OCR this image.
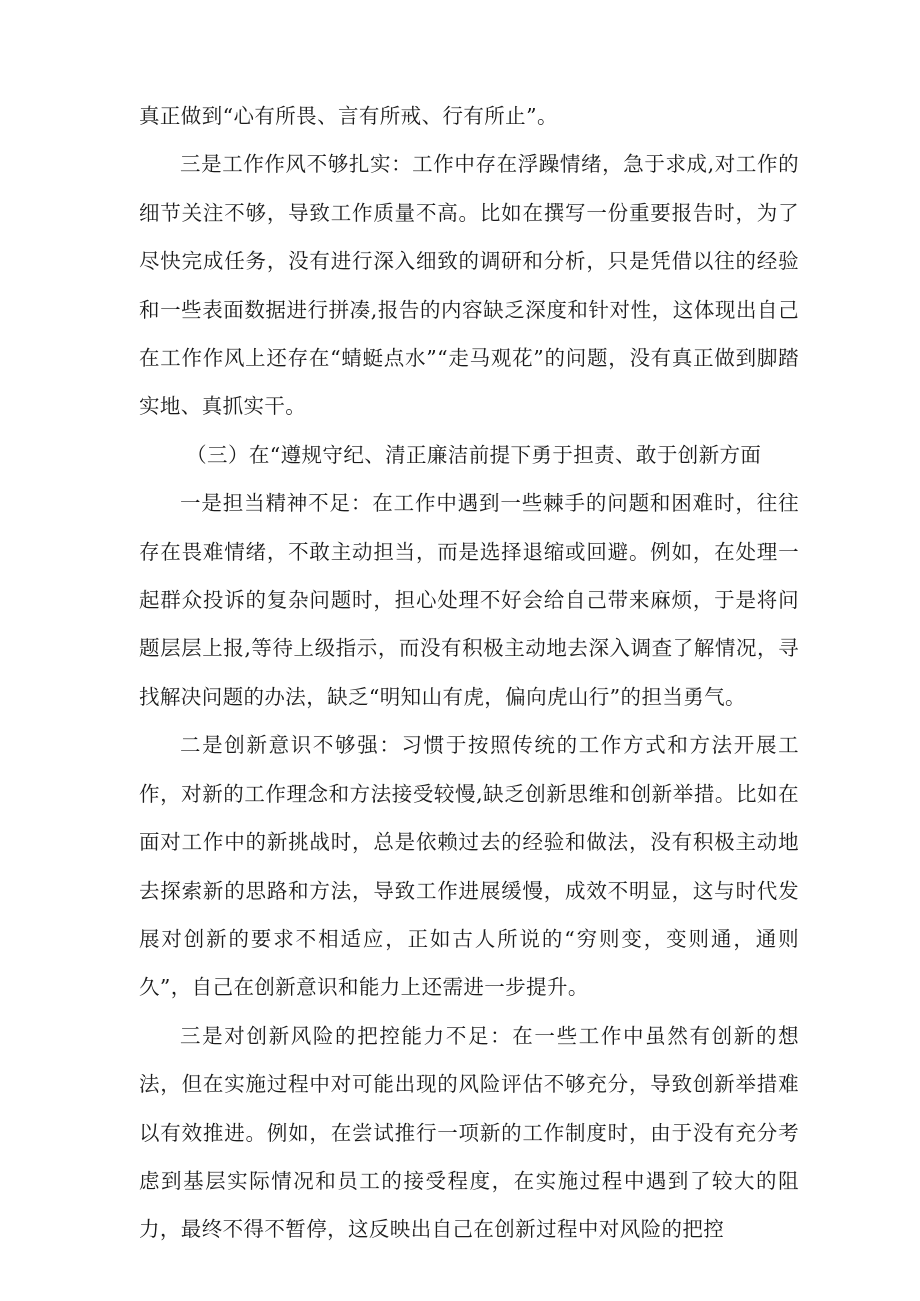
真正做到“心有所畏、言有所戒、行有所止”。

三是工作作风不够扎实：工作中存在浮躁情绪，急于求成,对工作的细节关注不够，导致工作质量不高。比如在撰写一份重要报告时，为了尽快完成任务，没有进行深入细致的调研和分析，只是凭借以往的经验和一些表面数据进行拼凑,报告的内容缺乏深度和针对性，这体现出自己在工作作风上还存在“蜻蜓点水”“走马观花”的问题，没有真正做到脚踏实地、真抓实干。

（三）在“遵规守纪、清正廉洁前提下勇于担责、敢于创新方面

一是担当精神不足：在工作中遇到一些棘手的问题和困难时，往往存在畏难情绪，不敢主动担当，而是选择退缩或回避。例如，在处理一起群众投诉的复杂问题时，担心处理不好会给自己带来麻烦，于是将问题层层上报,等待上级指示，而没有积极主动地去深入调查了解情况，寻找解决问题的办法，缺乏“明知山有虎，偏向虎山行”的担当勇气。

二是创新意识不够强：习惯于按照传统的工作方式和方法开展工作，对新的工作理念和方法接受较慢,缺乏创新思维和创新举措。比如在面对工作中的新挑战时，总是依赖过去的经验和做法，没有积极主动地去探索新的思路和方法，导致工作进展缓慢，成效不明显，这与时代发展对创新的要求不相适应，正如古人所说的“穷则变，变则通，通则久”，自己在创新意识和能力上还需进一步提升。

三是对创新风险的把控能力不足：在一些工作中虽然有创新的想法，但在实施过程中对可能出现的风险评估不够充分，导致创新举措难以有效推进。例如，在尝试推行一项新的工作制度时，由于没有充分考虑到基层实际情况和员工的接受程度，在实施过程中遇到了较大的阻力，最终不得不暂停，这反映出自己在创新过程中对风险的把控
